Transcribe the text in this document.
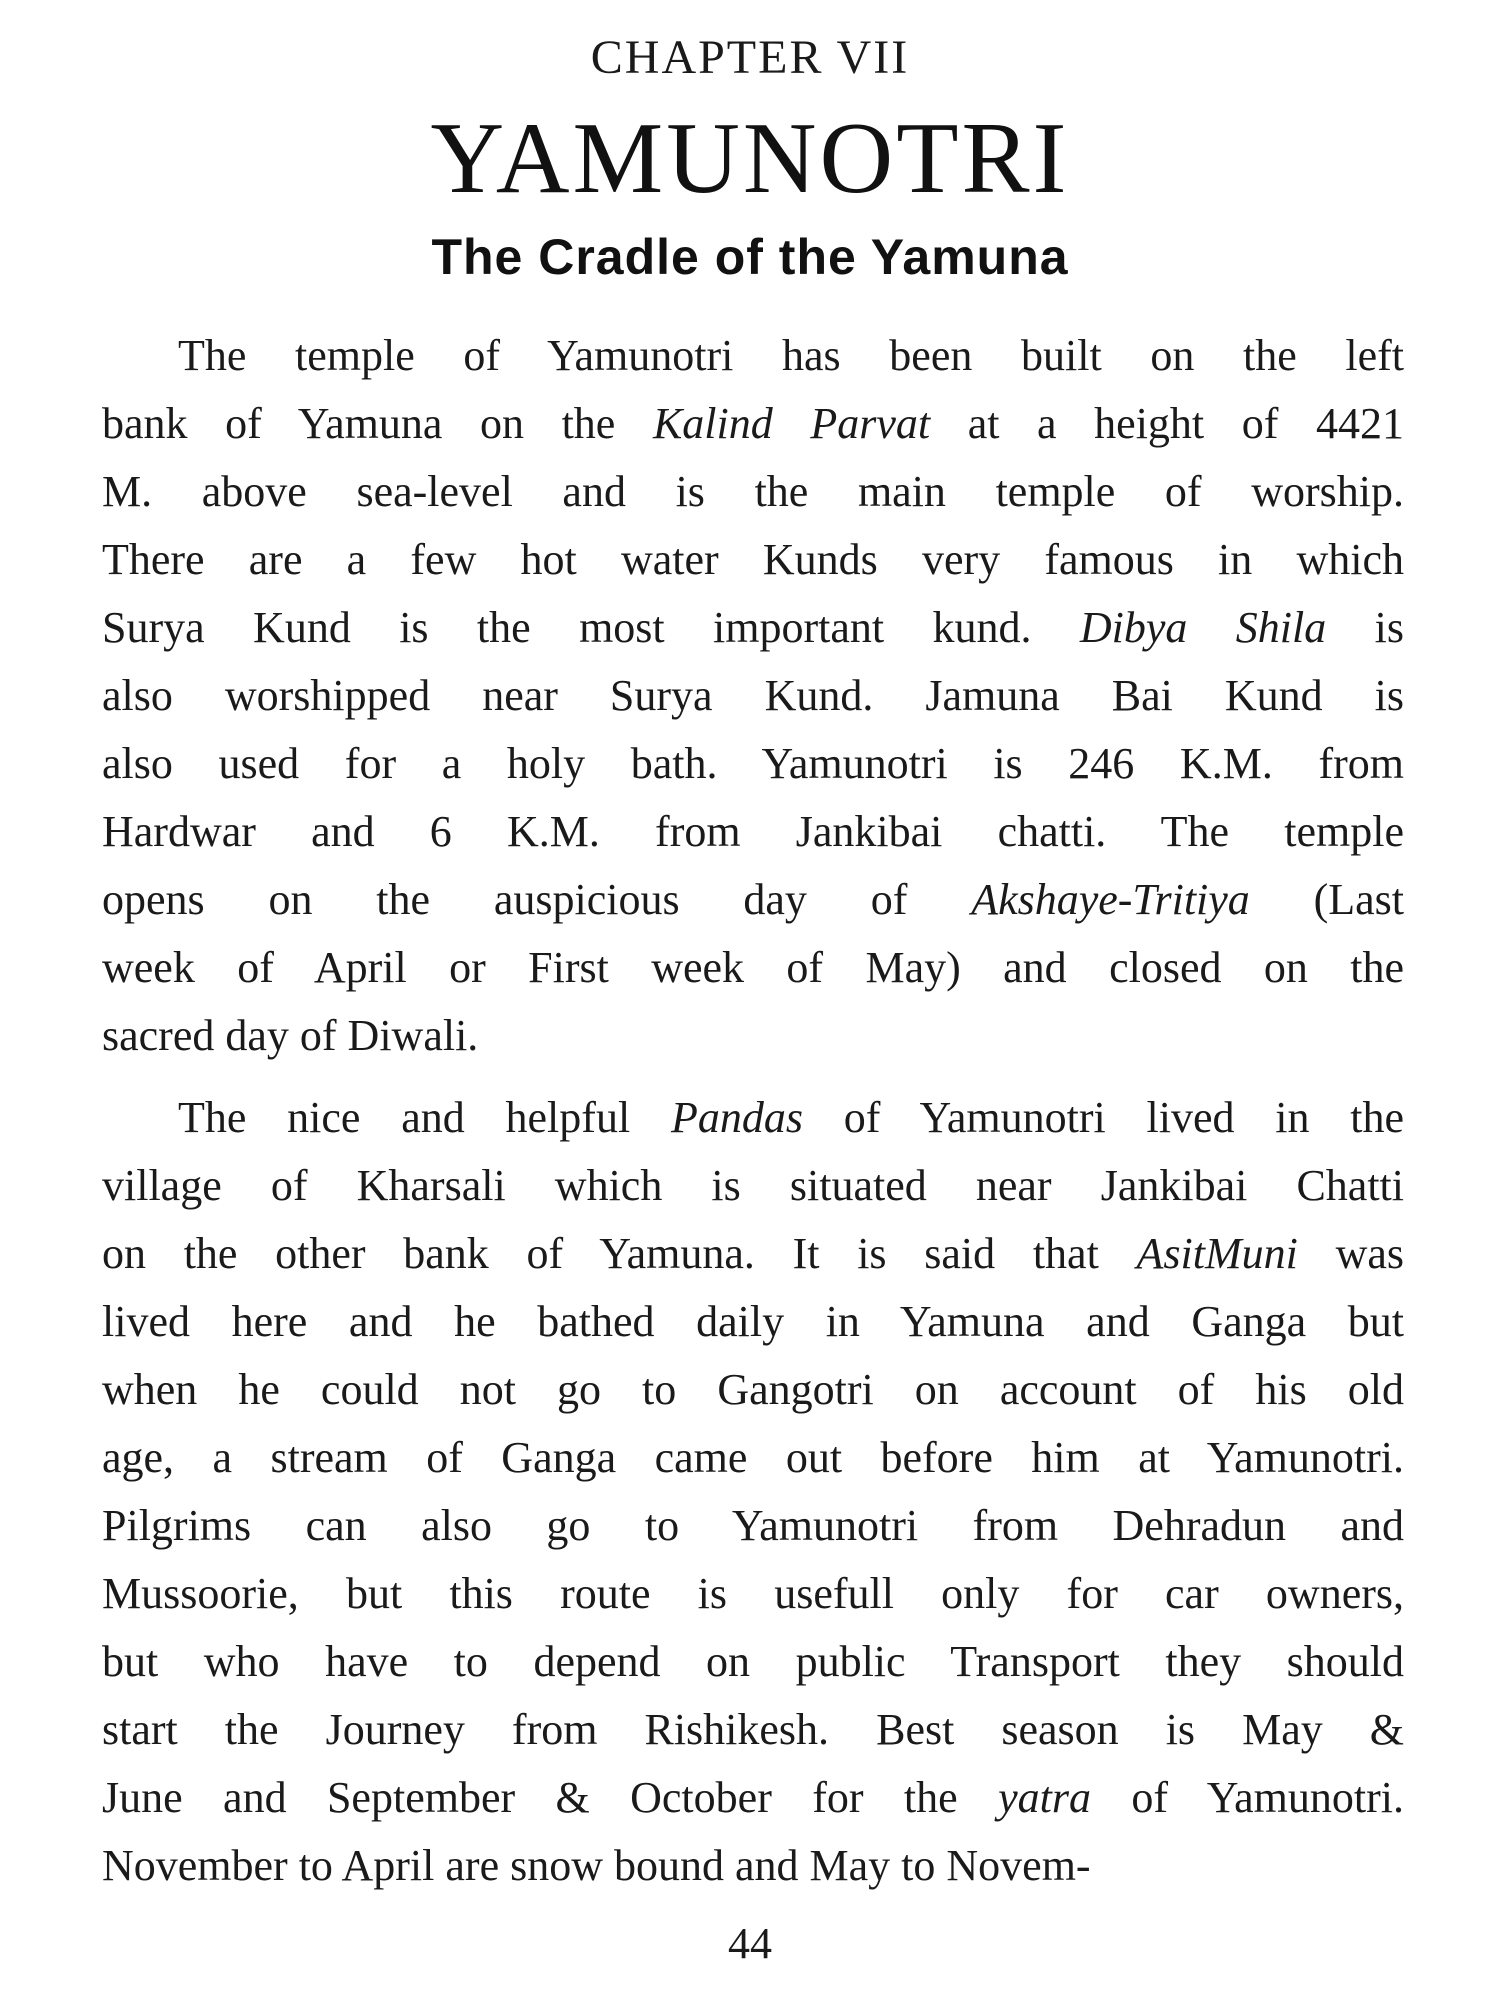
CHAPTER VII
YAMUNOTRI
The Cradle of the Yamuna
The temple of Yamunotri has been built on the left
bank of Yamuna on the Kalind Parvat at a height of 4421
M. above sea-level and is the main temple of worship.
There are a few hot water Kunds very famous in which
Surya Kund is the most important kund. Dibya Shila is
also worshipped near Surya Kund. Jamuna Bai Kund is
also used for a holy bath. Yamunotri is 246 K.M. from
Hardwar and 6 K.M. from Jankibai chatti. The temple
opens on the auspicious day of Akshaye-Tritiya (Last
week of April or First week of May) and closed on the
sacred day of Diwali.
The nice and helpful Pandas of Yamunotri lived in the
village of Kharsali which is situated near Jankibai Chatti
on the other bank of Yamuna. It is said that AsitMuni was
lived here and he bathed daily in Yamuna and Ganga but
when he could not go to Gangotri on account of his old
age, a stream of Ganga came out before him at Yamunotri.
Pilgrims can also go to Yamunotri from Dehradun and
Mussoorie, but this route is usefull only for car owners,
but who have to depend on public Transport they should
start the Journey from Rishikesh. Best season is May &
June and September & October for the yatra of Yamunotri.
November to April are snow bound and May to Novem-
44
